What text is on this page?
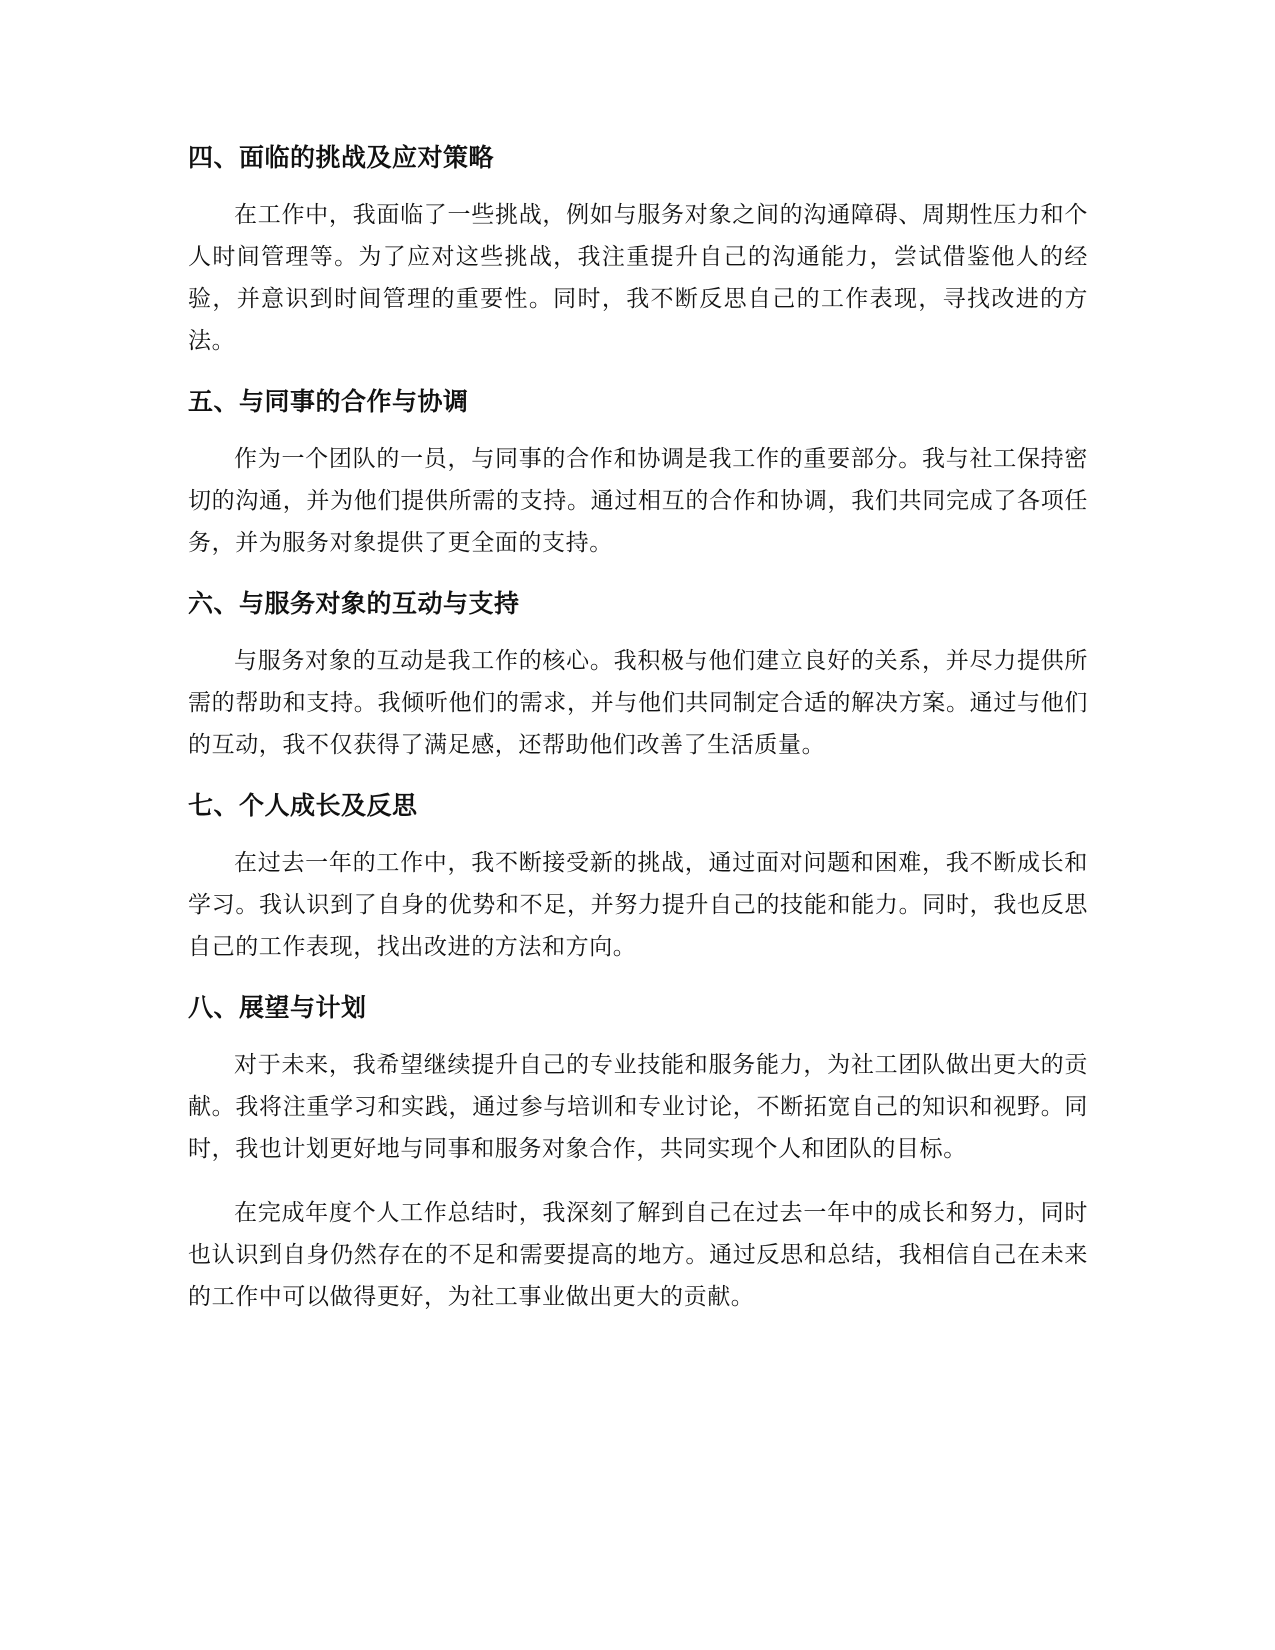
四、面临的挑战及应对策略

在工作中，我面临了一些挑战，例如与服务对象之间的沟通障碍、周期性压力和个人时间管理等。为了应对这些挑战，我注重提升自己的沟通能力，尝试借鉴他人的经验，并意识到时间管理的重要性。同时，我不断反思自己的工作表现，寻找改进的方法。

五、与同事的合作与协调

作为一个团队的一员，与同事的合作和协调是我工作的重要部分。我与社工保持密切的沟通，并为他们提供所需的支持。通过相互的合作和协调，我们共同完成了各项任务，并为服务对象提供了更全面的支持。

六、与服务对象的互动与支持

与服务对象的互动是我工作的核心。我积极与他们建立良好的关系，并尽力提供所需的帮助和支持。我倾听他们的需求，并与他们共同制定合适的解决方案。通过与他们的互动，我不仅获得了满足感，还帮助他们改善了生活质量。

七、个人成长及反思

在过去一年的工作中，我不断接受新的挑战，通过面对问题和困难，我不断成长和学习。我认识到了自身的优势和不足，并努力提升自己的技能和能力。同时，我也反思自己的工作表现，找出改进的方法和方向。

八、展望与计划

对于未来，我希望继续提升自己的专业技能和服务能力，为社工团队做出更大的贡献。我将注重学习和实践，通过参与培训和专业讨论，不断拓宽自己的知识和视野。同时，我也计划更好地与同事和服务对象合作，共同实现个人和团队的目标。

在完成年度个人工作总结时，我深刻了解到自己在过去一年中的成长和努力，同时也认识到自身仍然存在的不足和需要提高的地方。通过反思和总结，我相信自己在未来的工作中可以做得更好，为社工事业做出更大的贡献。
